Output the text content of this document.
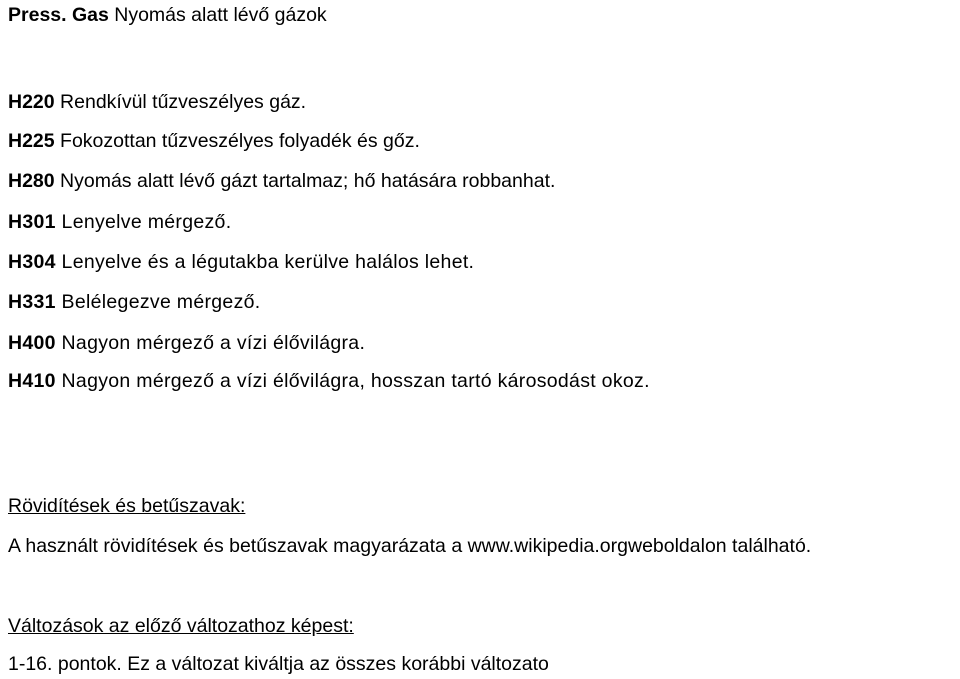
Press. Gas Nyomás alatt lévő gázok
H220 Rendkívül tűzveszélyes gáz.
H225 Fokozottan tűzveszélyes folyadék és gőz.
H280 Nyomás alatt lévő gázt tartalmaz; hő hatására robbanhat.
H301 Lenyelve mérgező.
H304 Lenyelve és a légutakba kerülve halálos lehet.
H331 Belélegezve mérgező.
H400 Nagyon mérgező a vízi élővilágra.
H410 Nagyon mérgező a vízi élővilágra, hosszan tartó károsodást okoz.
Rövidítések és betűszavak:
A használt rövidítések és betűszavak magyarázata a www.wikipedia.orgweboldalon található.
Változások az előző változathoz képest:
1-16. pontok. Ez a változat kiváltja az összes korábbi változato
